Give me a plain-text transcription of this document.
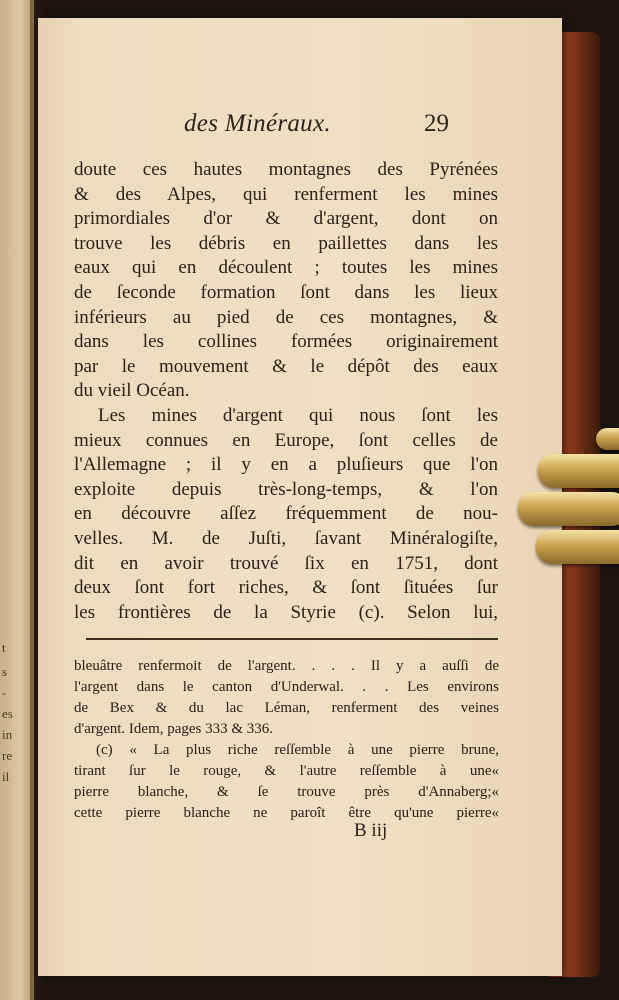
t
s
-
es
in
re
il
des Minéraux.	29
doute ces hautes montagnes des Pyrénées
& des Alpes, qui renferment les mines
primordiales d'or & d'argent, dont on
trouve les débris en paillettes dans les
eaux qui en découlent ; toutes les mines
de ſeconde formation ſont dans les lieux
inférieurs au pied de ces montagnes, &
dans les collines formées originairement
par le mouvement & le dépôt des eaux
du vieil Océan.
Les mines d'argent qui nous ſont les
mieux connues en Europe, ſont celles de
l'Allemagne ; il y en a pluſieurs que l'on
exploite depuis très-long-temps, & l'on
en découvre aſſez fréquemment de nou-
velles. M. de Juſti, ſavant Minéralogiſte,
dit en avoir trouvé ſix en 1751, dont
deux ſont fort riches, & ſont ſituées ſur
les frontières de la Styrie (c). Selon lui,
bleuâtre renfermoit de l'argent. . . . Il y a auſſi de
l'argent dans le canton d'Underwal. . . Les environs
de Bex & du lac Léman, renferment des veines
d'argent. Idem, pages 333 & 336.
(c) « La plus riche reſſemble à une pierre brune,
tirant ſur le rouge, & l'autre reſſemble à une«
pierre blanche, & ſe trouve près d'Annaberg;«
cette pierre blanche ne paroît être qu'une pierre«
B iij
